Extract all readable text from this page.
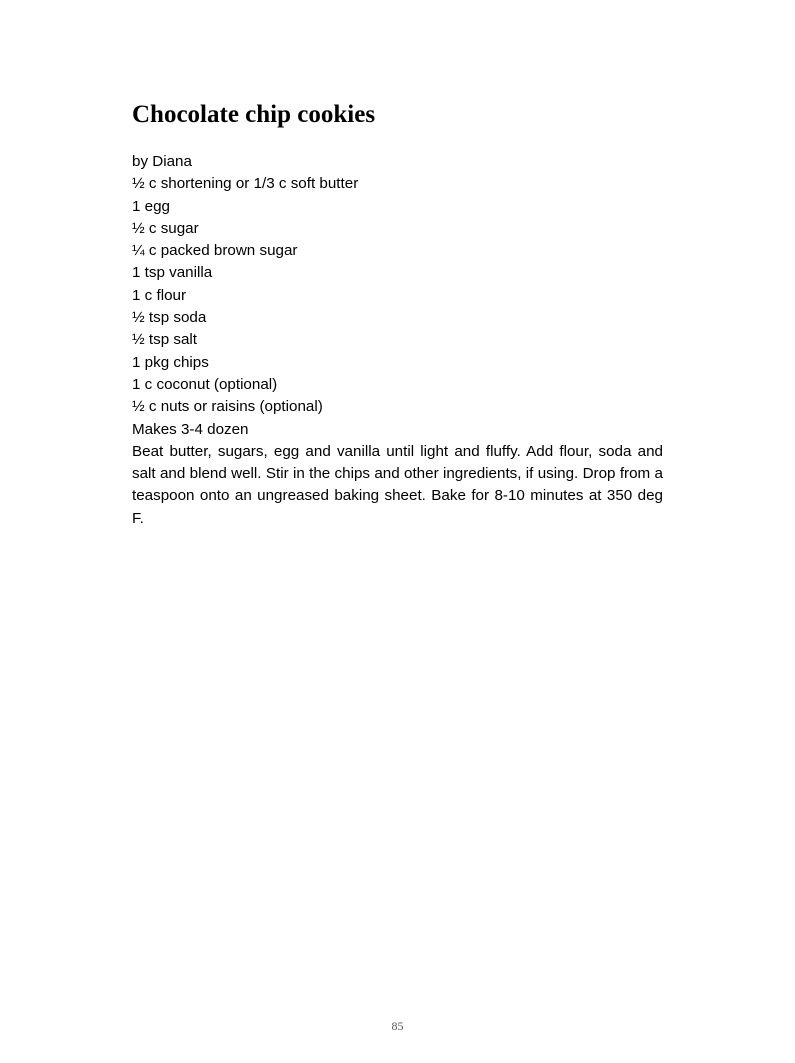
Chocolate chip cookies
by Diana
½ c shortening or 1/3 c soft butter
1 egg
½ c sugar
¼ c packed brown sugar
1 tsp vanilla
1 c flour
½ tsp soda
½ tsp salt
1 pkg chips
1 c coconut (optional)
½ c nuts or raisins (optional)
Makes 3-4 dozen
Beat butter, sugars, egg and vanilla until light and fluffy. Add flour, soda and salt and blend well. Stir in the chips and other ingredients, if using. Drop from a teaspoon onto an ungreased baking sheet. Bake for 8-10 minutes at 350 deg F.
85
